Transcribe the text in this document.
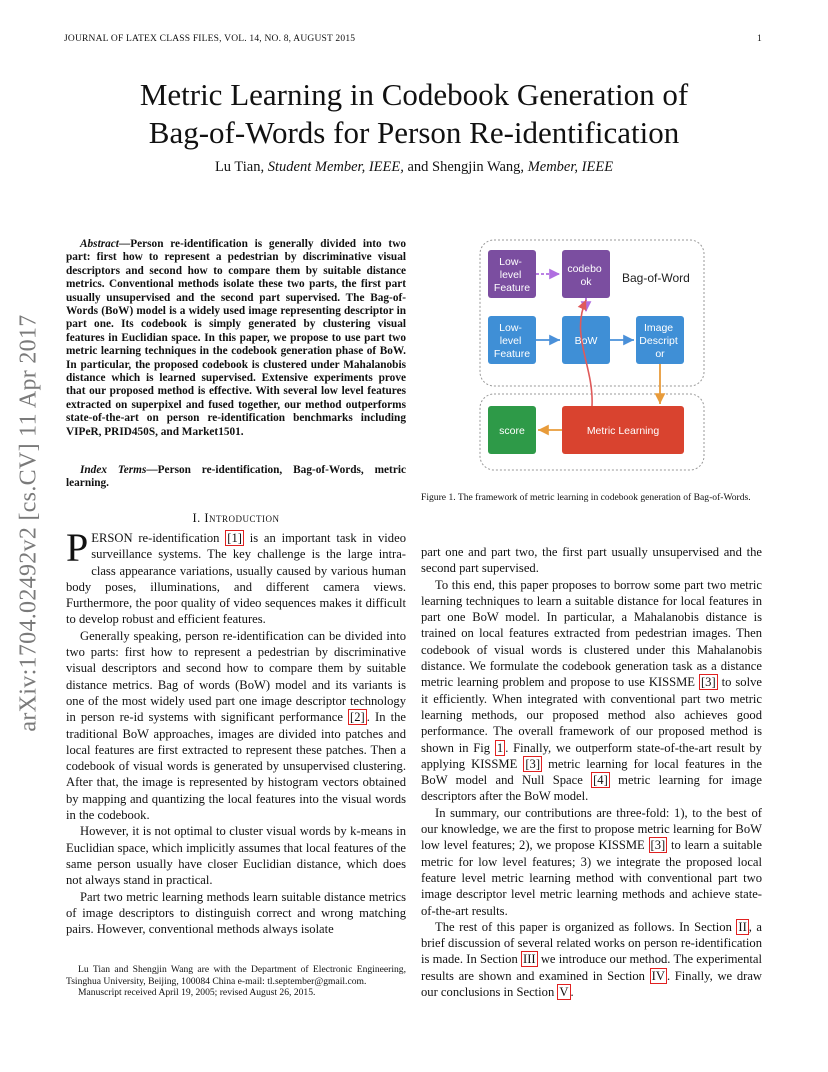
JOURNAL OF LATEX CLASS FILES, VOL. 14, NO. 8, AUGUST 2015	1
arXiv:1704.02492v2 [cs.CV] 11 Apr 2017
Metric Learning in Codebook Generation of
Bag-of-Words for Person Re-identification
Lu Tian, Student Member, IEEE, and Shengjin Wang, Member, IEEE
Abstract—Person re-identification is generally divided into two part: first how to represent a pedestrian by discriminative visual descriptors and second how to compare them by suitable distance metrics. Conventional methods isolate these two parts, the first part usually unsupervised and the second part supervised. The Bag-of-Words (BoW) model is a widely used image representing descriptor in part one. Its codebook is simply generated by clustering visual features in Euclidian space. In this paper, we propose to use part two metric learning techniques in the codebook generation phase of BoW. In particular, the proposed codebook is clustered under Mahalanobis distance which is learned supervised. Extensive experiments prove that our proposed method is effective. With several low level features extracted on superpixel and fused together, our method outperforms state-of-the-art on person re-identification benchmarks including VIPeR, PRID450S, and Market1501.
Index Terms—Person re-identification, Bag-of-Words, metric learning.
I. Introduction

PERSON re-identification [1] is an important task in video surveillance systems. The key challenge is the large intra-class appearance variations, usually caused by various human body poses, illuminations, and different camera views. Furthermore, the poor quality of video sequences makes it difficult to develop robust and efficient features.

Generally speaking, person re-identification can be divided into two parts: first how to represent a pedestrian by discriminative visual descriptors and second how to compare them by suitable distance metrics. Bag of words (BoW) model and its variants is one of the most widely used part one image descriptor technology in person re-id systems with significant performance [2] . In the traditional BoW approaches, images are divided into patches and local features are first extracted to represent these patches. Then a codebook of visual words is generated by unsupervised clustering. After that, the image is represented by histogram vectors obtained by mapping and quantizing the local features into the visual words in the codebook.

However, it is not optimal to cluster visual words by k-means in Euclidian space, which implicitly assumes that local features of the same person usually have closer Euclidian distance, which does not always stand in practical.

Part two metric learning methods learn suitable distance metrics of image descriptors to distinguish correct and wrong matching pairs. However, conventional methods always isolate

Lu Tian and Shengjin Wang are with the Department of Electronic Engineering, Tsinghua University, Beijing, 100084 China e-mail: tl.september@gmail.com.

Manuscript received April 19, 2005; revised August 26, 2015.

Low- level Feature
codebo ok	Bag-of-Word
Low- level Feature
BoW
Image Descript or
score	Metric Learning
Figure 1. The framework of metric learning in codebook generation of Bag-of-Words.

part one and part two, the first part usually unsupervised and the second part supervised.

To this end, this paper proposes to borrow some part two metric learning techniques to learn a suitable distance for local features in part one BoW model. In particular, a Mahalanobis distance is trained on local features extracted from pedestrian images. Then codebook of visual words is clustered under this Mahalanobis distance. We formulate the codebook generation task as a distance metric learning problem and propose to use KISSME [3] to solve it efficiently. When integrated with conventional part two metric learning methods, our proposed method also achieves good performance. The overall framework of our proposed method is shown in Fig 1 . Finally, we outperform state-of-the-art result by applying KISSME [3] metric learning for local features in the BoW model and Null Space [4] metric learning for image descriptors after the BoW model.

In summary, our contributions are three-fold: 1), to the best of our knowledge, we are the first to propose metric learning for BoW low level features; 2), we propose KISSME [3] to learn a suitable metric for low level features; 3) we integrate the proposed local feature level metric learning method with conventional part two image descriptor level metric learning methods and achieve state-of-the-art results.

The rest of this paper is organized as follows. In Section II , a brief discussion of several related works on person re-identification is made. In Section III we introduce our method. The experimental results are shown and examined in Section IV . Finally, we draw our conclusions in Section V .
